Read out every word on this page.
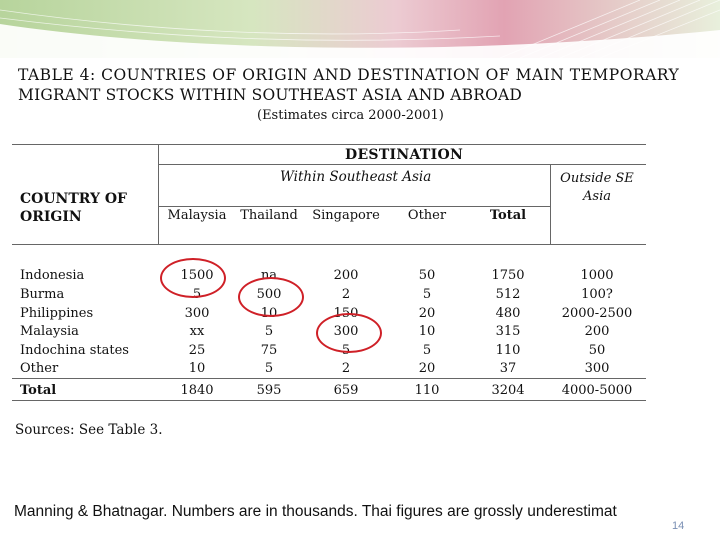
TABLE 4: COUNTRIES OF ORIGIN AND DESTINATION OF MAIN TEMPORARY
MIGRANT STOCKS WITHIN SOUTHEAST ASIA AND ABROAD
(Estimates circa 2000-2001)
DESTINATION
Within Southeast Asia	Outside SE
Asia
COUNTRY OF
ORIGIN	Malaysia	Thailand	Singapore	Other	Total
Indonesia	1500	na	200	50	1750	1000
Burma	5	500	2	5	512	100?
Philippines	300	10	150	20	480	2000-2500
Malaysia	xx	5	300	10	315	200
Indochina states	25	75	5	5	110	50
Other	10	5	2	20	37	300
Total	1840	595	659	110	3204	4000-5000
Sources: See Table 3.
Manning & Bhatnagar. Numbers are in thousands. Thai figures are grossly underestimat
14
